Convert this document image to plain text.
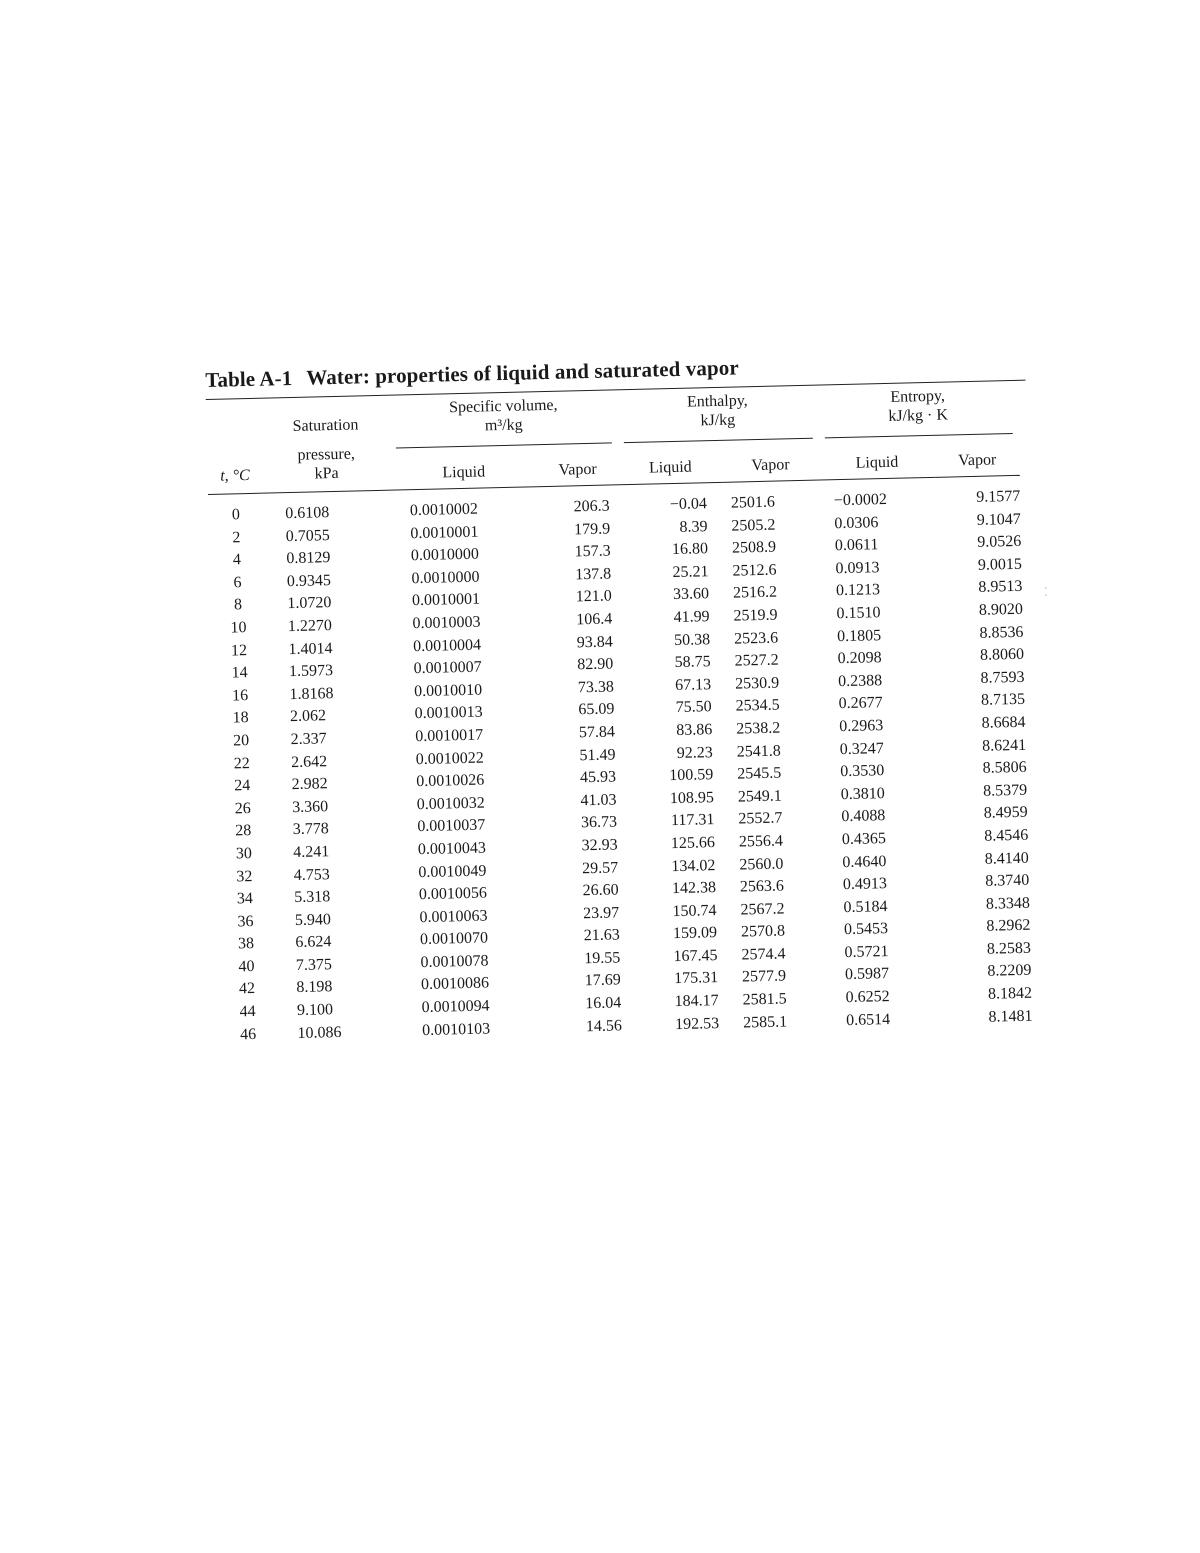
Table A-1 Water: properties of liquid and saturated vapor
t, °C	Saturation
pressure,
kPa	Specific volume,
m³/kg		Enthalpy,
kJ/kg		Entropy,
kJ/kg · K	

		Liquid	Vapor	Liquid	Vapor	Liquid	Vapor

0	0.6108	0.0010002	206.3	−0.04	2501.6	−0.0002	9.1577
2	0.7055	0.0010001	179.9	8.39	2505.2	0.0306	9.1047
4	0.8129	0.0010000	157.3	16.80	2508.9	0.0611	9.0526
6	0.9345	0.0010000	137.8	25.21	2512.6	0.0913	9.0015
8	1.0720	0.0010001	121.0	33.60	2516.2	0.1213	8.9513
10	1.2270	0.0010003	106.4	41.99	2519.9	0.1510	8.9020
12	1.4014	0.0010004	93.84	50.38	2523.6	0.1805	8.8536
14	1.5973	0.0010007	82.90	58.75	2527.2	0.2098	8.8060
16	1.8168	0.0010010	73.38	67.13	2530.9	0.2388	8.7593
18	2.062	0.0010013	65.09	75.50	2534.5	0.2677	8.7135
20	2.337	0.0010017	57.84	83.86	2538.2	0.2963	8.6684
22	2.642	0.0010022	51.49	92.23	2541.8	0.3247	8.6241
24	2.982	0.0010026	45.93	100.59	2545.5	0.3530	8.5806
26	3.360	0.0010032	41.03	108.95	2549.1	0.3810	8.5379
28	3.778	0.0010037	36.73	117.31	2552.7	0.4088	8.4959
30	4.241	0.0010043	32.93	125.66	2556.4	0.4365	8.4546
32	4.753	0.0010049	29.57	134.02	2560.0	0.4640	8.4140
34	5.318	0.0010056	26.60	142.38	2563.6	0.4913	8.3740
36	5.940	0.0010063	23.97	150.74	2567.2	0.5184	8.3348
38	6.624	0.0010070	21.63	159.09	2570.8	0.5453	8.2962
40	7.375	0.0010078	19.55	167.45	2574.4	0.5721	8.2583
42	8.198	0.0010086	17.69	175.31	2577.9	0.5987	8.2209
44	9.100	0.0010094	16.04	184.17	2581.5	0.6252	8.1842
46	10.086	0.0010103	14.56	192.53	2585.1	0.6514	8.1481
⁚
